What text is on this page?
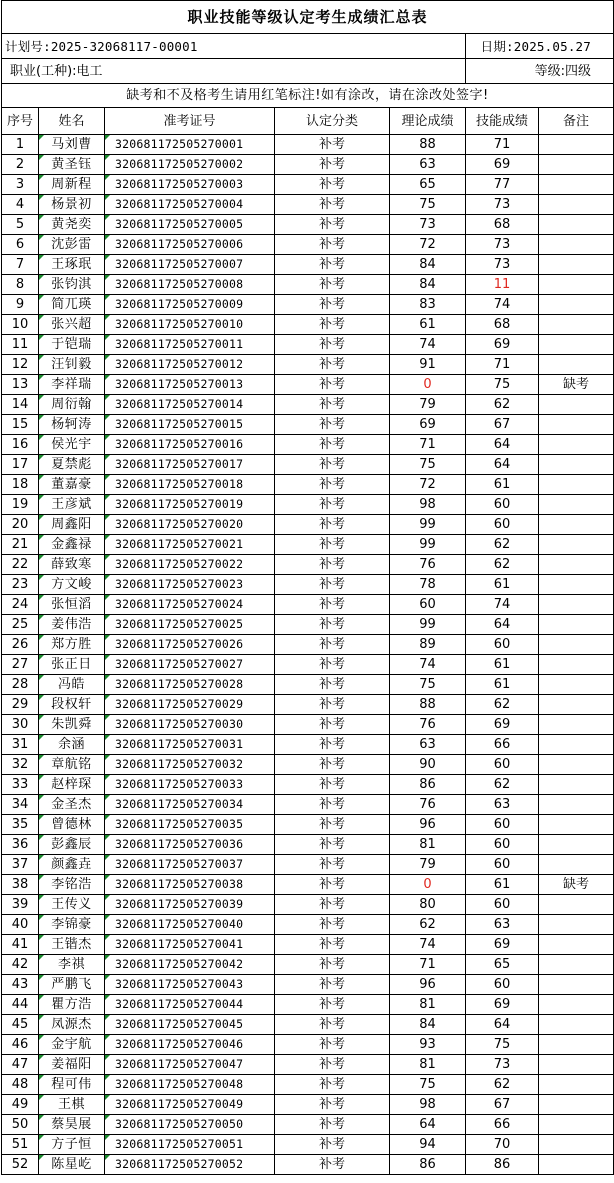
职业技能等级认定考生成绩汇总表						
计划号:2025-32068117-00001					日期:2025.05.27	
职业(工种):电工					等级:四级	
缺考和不及格考生请用红笔标注!如有涂改，请在涂改处签字!						
序号	姓名	准考证号	认定分类	理论成绩	技能成绩	备注
1	马刘曹	320681172505270001	补考	88	71	
2	黄圣钰	320681172505270002	补考	63	69	
3	周新程	320681172505270003	补考	65	77	
4	杨景初	320681172505270004	补考	75	73	
5	黄尧奕	320681172505270005	补考	73	68	
6	沈彭雷	320681172505270006	补考	72	73	
7	王琢珉	320681172505270007	补考	84	73	
8	张钧淇	320681172505270008	补考	84	11	
9	简兀瑛	320681172505270009	补考	83	74	
10	张兴超	320681172505270010	补考	61	68	
11	于铠瑞	320681172505270011	补考	74	69	
12	汪钊毅	320681172505270012	补考	91	71	
13	李祥瑞	320681172505270013	补考	0	75	缺考
14	周衍翰	320681172505270014	补考	79	62	
15	杨轲涛	320681172505270015	补考	69	67	
16	侯光宇	320681172505270016	补考	71	64	
17	夏禁彪	320681172505270017	补考	75	64	
18	董嘉豪	320681172505270018	补考	72	61	
19	王彦斌	320681172505270019	补考	98	60	
20	周鑫阳	320681172505270020	补考	99	60	
21	金鑫禄	320681172505270021	补考	99	62	
22	薛致寒	320681172505270022	补考	76	62	
23	方文峻	320681172505270023	补考	78	61	
24	张恒滔	320681172505270024	补考	60	74	
25	姜伟浩	320681172505270025	补考	99	64	
26	郑方胜	320681172505270026	补考	89	60	
27	张正日	320681172505270027	补考	74	61	
28	冯皓	320681172505270028	补考	75	61	
29	段权轩	320681172505270029	补考	88	62	
30	朱凯舜	320681172505270030	补考	76	69	
31	余涵	320681172505270031	补考	63	66	
32	章航铭	320681172505270032	补考	90	60	
33	赵梓琛	320681172505270033	补考	86	62	
34	金圣杰	320681172505270034	补考	76	63	
35	曾德林	320681172505270035	补考	96	60	
36	彭鑫辰	320681172505270036	补考	81	60	
37	颜鑫垚	320681172505270037	补考	79	60	
38	李铭浩	320681172505270038	补考	0	61	缺考
39	王传义	320681172505270039	补考	80	60	
40	李锦豪	320681172505270040	补考	62	63	
41	王锴杰	320681172505270041	补考	74	69	
42	李祺	320681172505270042	补考	71	65	
43	严鹏飞	320681172505270043	补考	96	60	
44	瞿方浩	320681172505270044	补考	81	69	
45	凤源杰	320681172505270045	补考	84	64	
46	金宇航	320681172505270046	补考	93	75	
47	姜福阳	320681172505270047	补考	81	73	
48	程可伟	320681172505270048	补考	75	62	
49	王棋	320681172505270049	补考	98	67	
50	蔡昊展	320681172505270050	补考	64	66	
51	方子恒	320681172505270051	补考	94	70	
52	陈星屹	320681172505270052	补考	86	86	
